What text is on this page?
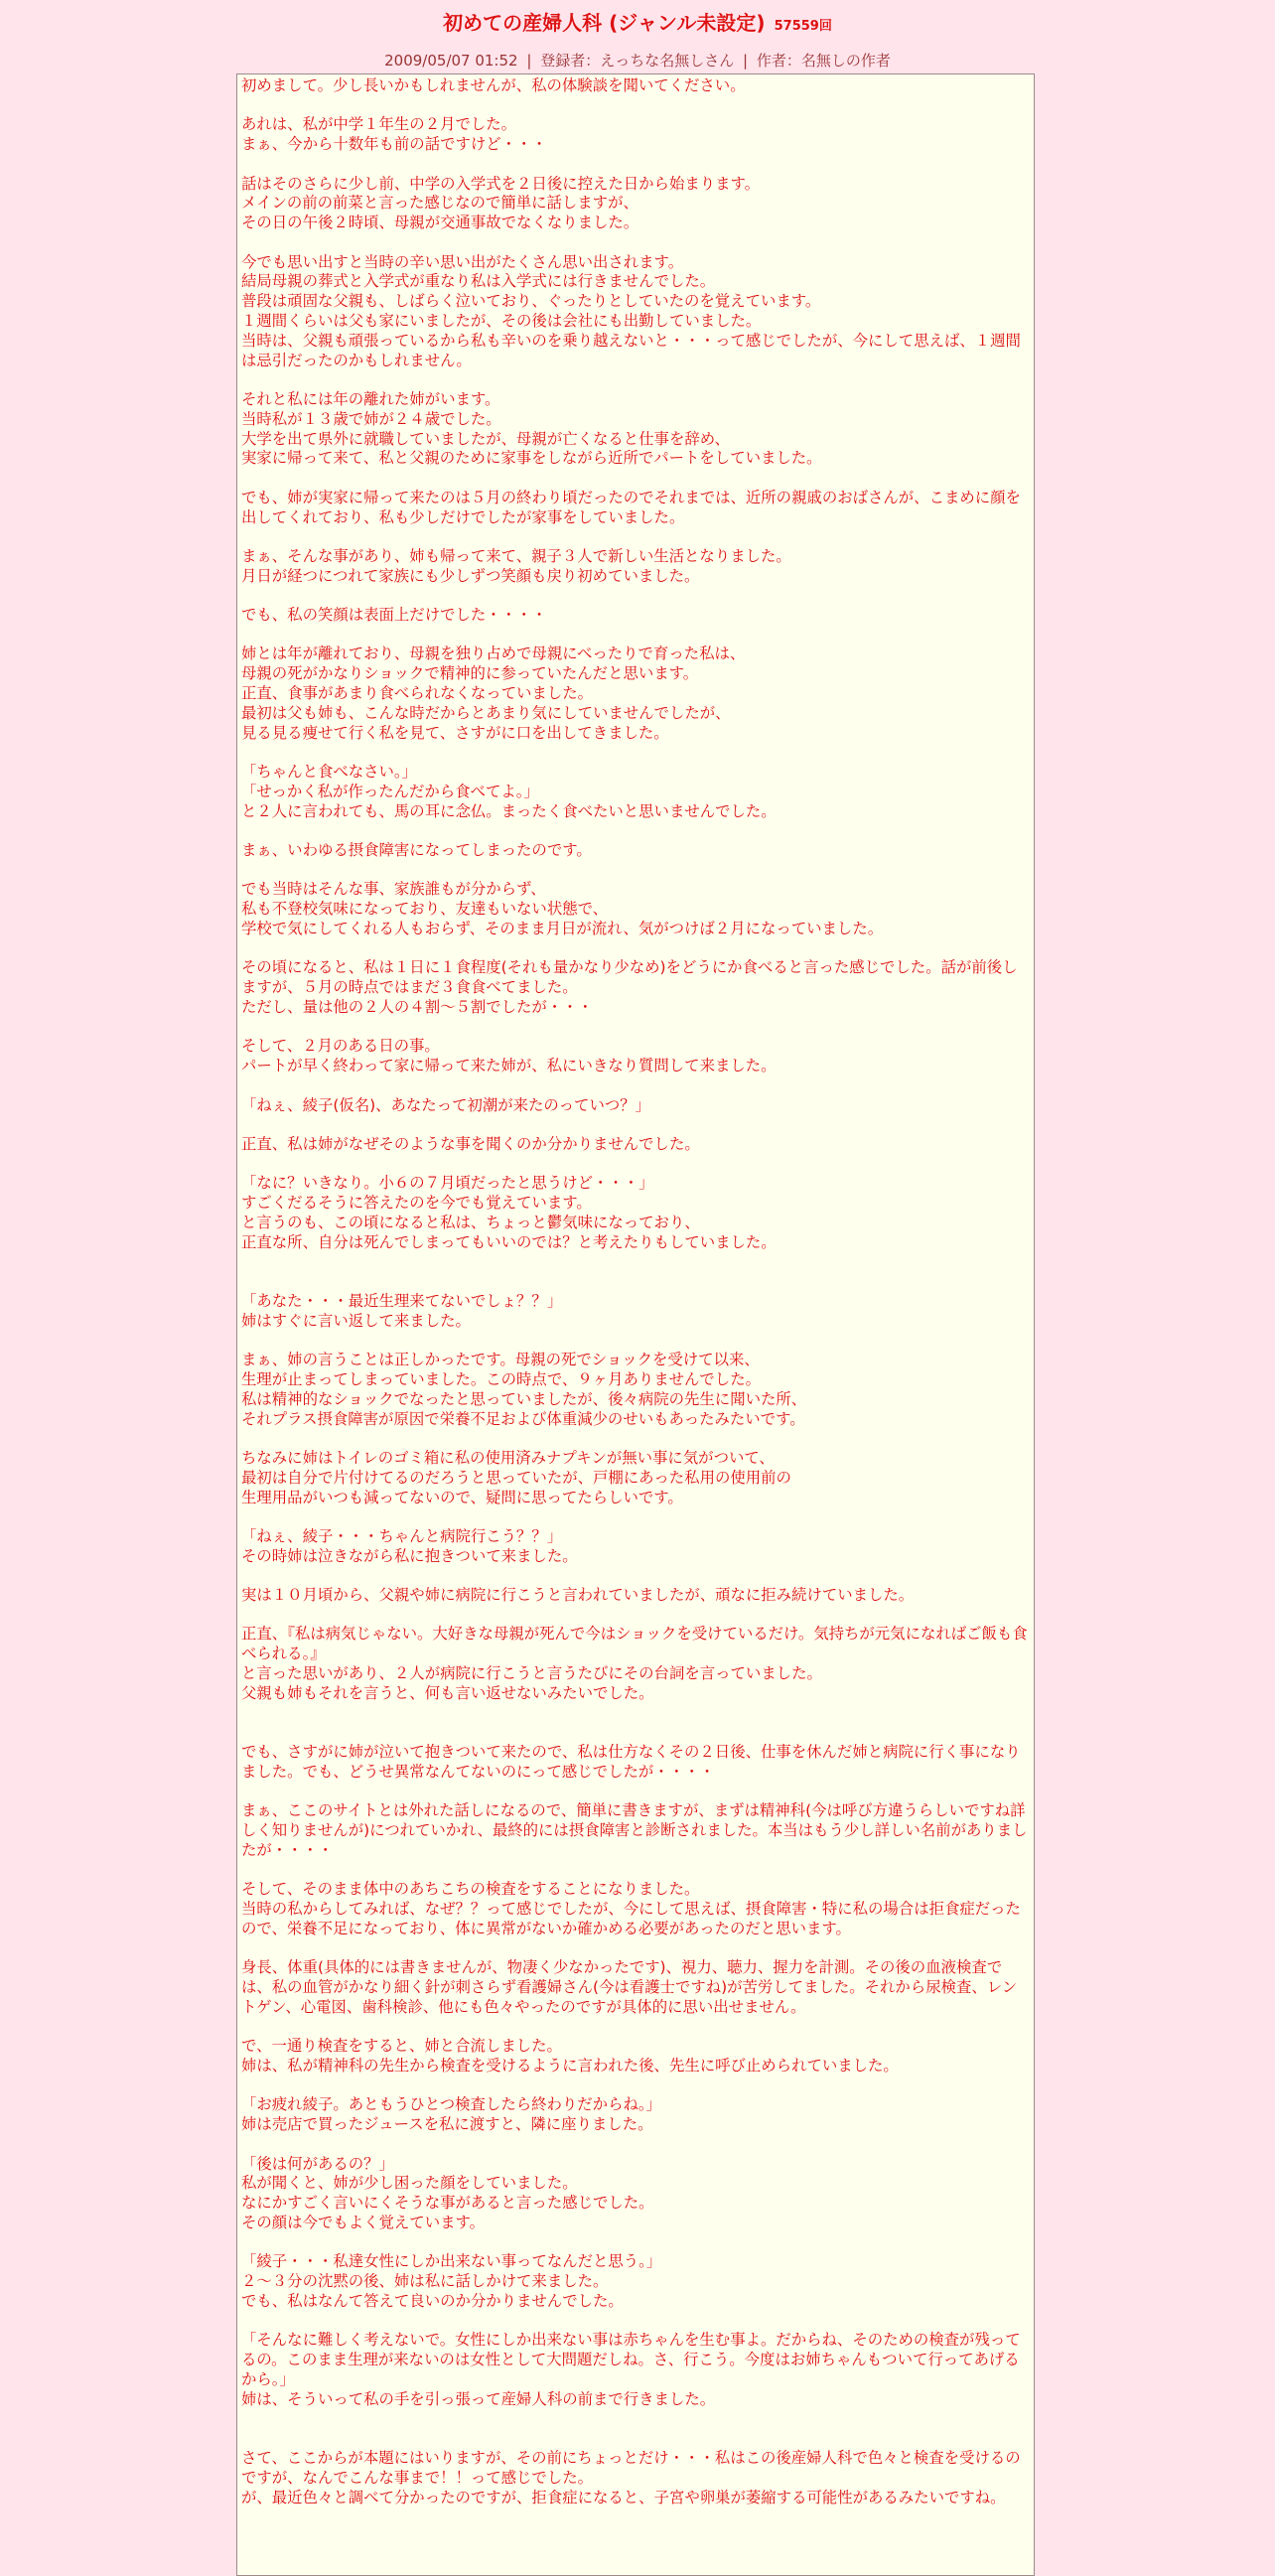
初めての産婦人科 (ジャンル未設定) 57559回
2009/05/07 01:52 | 登録者：えっちな名無しさん | 作者：名無しの作者

初めまして。少し長いかもしれませんが、私の体験談を聞いてください。

あれは、私が中学１年生の２月でした。
まぁ、今から十数年も前の話ですけど・・・

話はそのさらに少し前、中学の入学式を２日後に控えた日から始まります。
メインの前の前菜と言った感じなので簡単に話しますが、
その日の午後２時頃、母親が交通事故でなくなりました。

今でも思い出すと当時の辛い思い出がたくさん思い出されます。
結局母親の葬式と入学式が重なり私は入学式には行きませんでした。
普段は頑固な父親も、しばらく泣いており、ぐったりとしていたのを覚えています。
１週間くらいは父も家にいましたが、その後は会社にも出勤していました。
当時は、父親も頑張っているから私も辛いのを乗り越えないと・・・って感じでしたが、今にして思えば、１週間は忌引だったのかもしれません。

それと私には年の離れた姉がいます。
当時私が１３歳で姉が２４歳でした。
大学を出て県外に就職していましたが、母親が亡くなると仕事を辞め、
実家に帰って来て、私と父親のために家事をしながら近所でパートをしていました。

でも、姉が実家に帰って来たのは５月の終わり頃だったのでそれまでは、近所の親戚のおばさんが、こまめに顔を出してくれており、私も少しだけでしたが家事をしていました。

まぁ、そんな事があり、姉も帰って来て、親子３人で新しい生活となりました。
月日が経つにつれて家族にも少しずつ笑顔も戻り初めていました。

でも、私の笑顔は表面上だけでした・・・・

姉とは年が離れており、母親を独り占めで母親にべったりで育った私は、
母親の死がかなりショックで精神的に参っていたんだと思います。
正直、食事があまり食べられなくなっていました。
最初は父も姉も、こんな時だからとあまり気にしていませんでしたが、
見る見る痩せて行く私を見て、さすがに口を出してきました。

「ちゃんと食べなさい。」
「せっかく私が作ったんだから食べてよ。」
と２人に言われても、馬の耳に念仏。まったく食べたいと思いませんでした。

まぁ、いわゆる摂食障害になってしまったのです。

でも当時はそんな事、家族誰もが分からず、
私も不登校気味になっており、友達もいない状態で、
学校で気にしてくれる人もおらず、そのまま月日が流れ、気がつけば２月になっていました。

その頃になると、私は１日に１食程度(それも量かなり少なめ)をどうにか食べると言った感じでした。話が前後しますが、５月の時点ではまだ３食食べてました。
ただし、量は他の２人の４割～５割でしたが・・・

そして、２月のある日の事。
パートが早く終わって家に帰って来た姉が、私にいきなり質問して来ました。

「ねぇ、綾子(仮名)、あなたって初潮が来たのっていつ？」

正直、私は姉がなぜそのような事を聞くのか分かりませんでした。

「なに？いきなり。小６の７月頃だったと思うけど・・・」
すごくだるそうに答えたのを今でも覚えています。
と言うのも、この頃になると私は、ちょっと鬱気味になっており、
正直な所、自分は死んでしまってもいいのでは？と考えたりもしていました。

「あなた・・・最近生理来てないでしょ？？」
姉はすぐに言い返して来ました。

まぁ、姉の言うことは正しかったです。母親の死でショックを受けて以来、
生理が止まってしまっていました。この時点で、９ヶ月ありませんでした。
私は精神的なショックでなったと思っていましたが、後々病院の先生に聞いた所、
それプラス摂食障害が原因で栄養不足および体重減少のせいもあったみたいです。

ちなみに姉はトイレのゴミ箱に私の使用済みナプキンが無い事に気がついて、
最初は自分で片付けてるのだろうと思っていたが、戸棚にあった私用の使用前の
生理用品がいつも減ってないので、疑問に思ってたらしいです。

「ねぇ、綾子・・・ちゃんと病院行こう？？」
その時姉は泣きながら私に抱きついて来ました。

実は１０月頃から、父親や姉に病院に行こうと言われていましたが、頑なに拒み続けていました。

正直、『私は病気じゃない。大好きな母親が死んで今はショックを受けているだけ。気持ちが元気になればご飯も食べられる。』
と言った思いがあり、２人が病院に行こうと言うたびにその台詞を言っていました。
父親も姉もそれを言うと、何も言い返せないみたいでした。

でも、さすがに姉が泣いて抱きついて来たので、私は仕方なくその２日後、仕事を休んだ姉と病院に行く事になりました。でも、どうせ異常なんてないのにって感じでしたが・・・・

まぁ、ここのサイトとは外れた話しになるので、簡単に書きますが、まずは精神科(今は呼び方違うらしいですね詳しく知りませんが)につれていかれ、最終的には摂食障害と診断されました。本当はもう少し詳しい名前がありましたが・・・・

そして、そのまま体中のあちこちの検査をすることになりました。
当時の私からしてみれば、なぜ？？って感じでしたが、今にして思えば、摂食障害・特に私の場合は拒食症だったので、栄養不足になっており、体に異常がないか確かめる必要があったのだと思います。

身長、体重(具体的には書きませんが、物凄く少なかったです)、視力、聴力、握力を計測。その後の血液検査では、私の血管がかなり細く針が刺さらず看護婦さん(今は看護士ですね)が苦労してました。それから尿検査、レントゲン、心電図、歯科検診、他にも色々やったのですが具体的に思い出せません。

で、一通り検査をすると、姉と合流しました。
姉は、私が精神科の先生から検査を受けるように言われた後、先生に呼び止められていました。

「お疲れ綾子。あともうひとつ検査したら終わりだからね。」
姉は売店で買ったジュースを私に渡すと、隣に座りました。

「後は何があるの？」
私が聞くと、姉が少し困った顔をしていました。
なにかすごく言いにくそうな事があると言った感じでした。
その顔は今でもよく覚えています。

「綾子・・・私達女性にしか出来ない事ってなんだと思う。」
２～３分の沈黙の後、姉は私に話しかけて来ました。
でも、私はなんて答えて良いのか分かりませんでした。

「そんなに難しく考えないで。女性にしか出来ない事は赤ちゃんを生む事よ。だからね、そのための検査が残ってるの。このまま生理が来ないのは女性として大問題だしね。さ、行こう。今度はお姉ちゃんもついて行ってあげるから。」
姉は、そういって私の手を引っ張って産婦人科の前まで行きました。

さて、ここからが本題にはいりますが、その前にちょっとだけ・・・私はこの後産婦人科で色々と検査を受けるのですが、なんでこんな事まで！！って感じでした。
が、最近色々と調べて分かったのですが、拒食症になると、子宮や卵巣が萎縮する可能性があるみたいですね。
